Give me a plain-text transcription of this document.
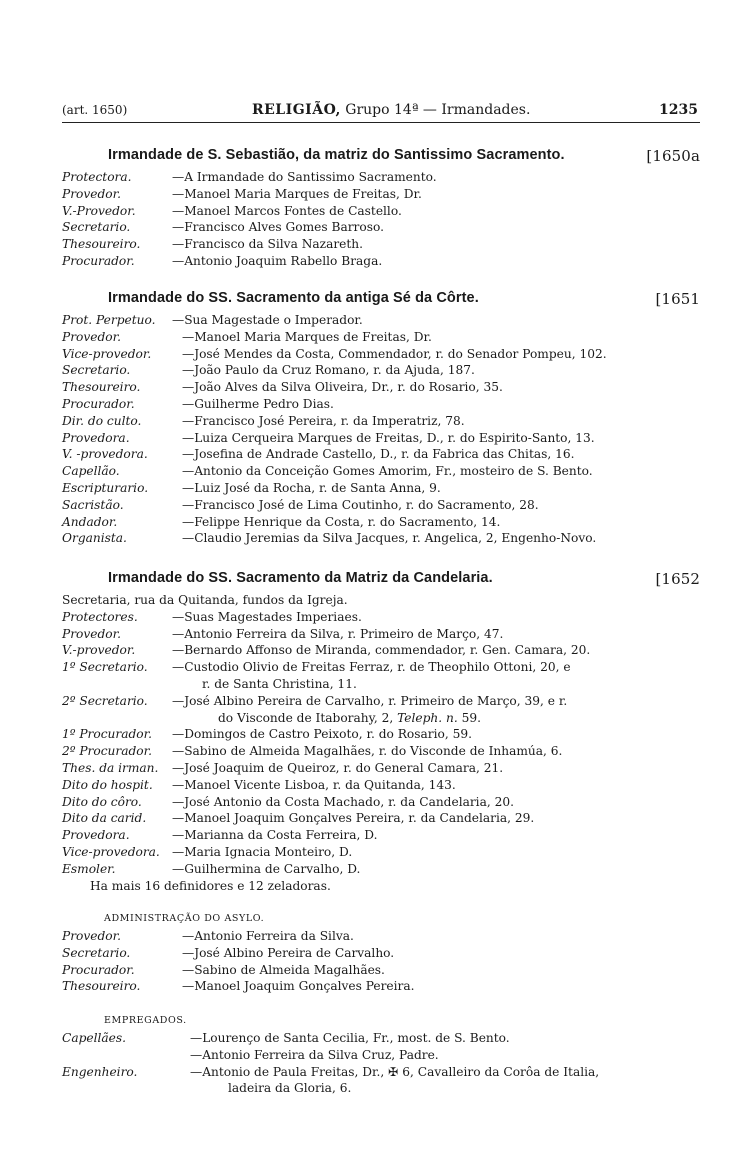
(art. 1650)	RELIGIÃO, Grupo 14ª — Irmandades.	1235
Irmandade de S. Sebastião, da matriz do Santissimo Sacramento.	[1650a
Protectora.	—A Irmandade do Santissimo Sacramento.

Provedor.	—Manoel Maria Marques de Freitas, Dr.

V.-Provedor.	—Manoel Marcos Fontes de Castello.

Secretario.	—Francisco Alves Gomes Barroso.

Thesoureiro.	—Francisco da Silva Nazareth.

Procurador.	—Antonio Joaquim Rabello Braga.

Irmandade do SS. Sacramento da antiga Sé da Côrte.	[1651
Prot. Perpetuo. —Sua Magestade o Imperador.

Provedor.	—Manoel Maria Marques de Freitas, Dr.

Vice-provedor.	—José Mendes da Costa, Commendador, r. do Senador Pompeu, 102.

Secretario.	—João Paulo da Cruz Romano, r. da Ajuda, 187.

Thesoureiro.	—João Alves da Silva Oliveira, Dr., r. do Rosario, 35.

Procurador.	—Guilherme Pedro Dias.

Dir. do culto.	—Francisco José Pereira, r. da Imperatriz, 78.

Provedora.	—Luiza Cerqueira Marques de Freitas, D., r. do Espirito-Santo, 13.

V. -provedora.	—Josefina de Andrade Castello, D., r. da Fabrica das Chitas, 16.

Capellão.	—Antonio da Conceição Gomes Amorim, Fr., mosteiro de S. Bento.

Escripturario.	—Luiz José da Rocha, r. de Santa Anna, 9.

Sacristão.	—Francisco José de Lima Coutinho, r. do Sacramento, 28.

Andador.	—Felippe Henrique da Costa, r. do Sacramento, 14.

Organista.	—Claudio Jeremias da Silva Jacques, r. Angelica, 2, Engenho-Novo.

Irmandade do SS. Sacramento da Matriz da Candelaria.	[1652
Secretaria, rua da Quitanda, fundos da Igreja.
Protectores.	—Suas Magestades Imperiaes.

Provedor.	—Antonio Ferreira da Silva, r. Primeiro de Março, 47.

V.-provedor.	—Bernardo Affonso de Miranda, commendador, r. Gen. Camara, 20.

1º Secretario. —Custodio Olivio de Freitas Ferraz, r. de Theophilo Ottoni, 20, e

r. de Santa Christina, 11.

2º Secretario. —José Albino Pereira de Carvalho, r. Primeiro de Março, 39, e r.

do Visconde de Itaborahy, 2, Teleph. n. 59.

1º Procurador. —Domingos de Castro Peixoto, r. do Rosario, 59.

2º Procurador. —Sabino de Almeida Magalhães, r. do Visconde de Inhamúa, 6.

Thes. da irman. —José Joaquim de Queiroz, r. do General Camara, 21.

Dito do hospit. —Manoel Vicente Lisboa, r. da Quitanda, 143.

Dito do côro. —José Antonio da Costa Machado, r. da Candelaria, 20.

Dito da carid. —Manoel Joaquim Gonçalves Pereira, r. da Candelaria, 29.

Provedora.	—Marianna da Costa Ferreira, D.

Vice-provedora. —Maria Ignacia Monteiro, D.

Esmoler.	—Guilhermina de Carvalho, D.

Ha mais 16 definidores e 12 zeladoras.

ADMINISTRAÇÃO DO ASYLO.
Provedor.	—Antonio Ferreira da Silva.

Secretario.	—José Albino Pereira de Carvalho.

Procurador.	—Sabino de Almeida Magalhães.

Thesoureiro.	—Manoel Joaquim Gonçalves Pereira.

EMPREGADOS.
Capellães.	—Lourenço de Santa Cecilia, Fr., most. de S. Bento.

—Antonio Ferreira da Silva Cruz, Padre.

Engenheiro.	—Antonio de Paula Freitas, Dr., ✠ 6, Cavalleiro da Corôa de Italia,

ladeira da Gloria, 6.
